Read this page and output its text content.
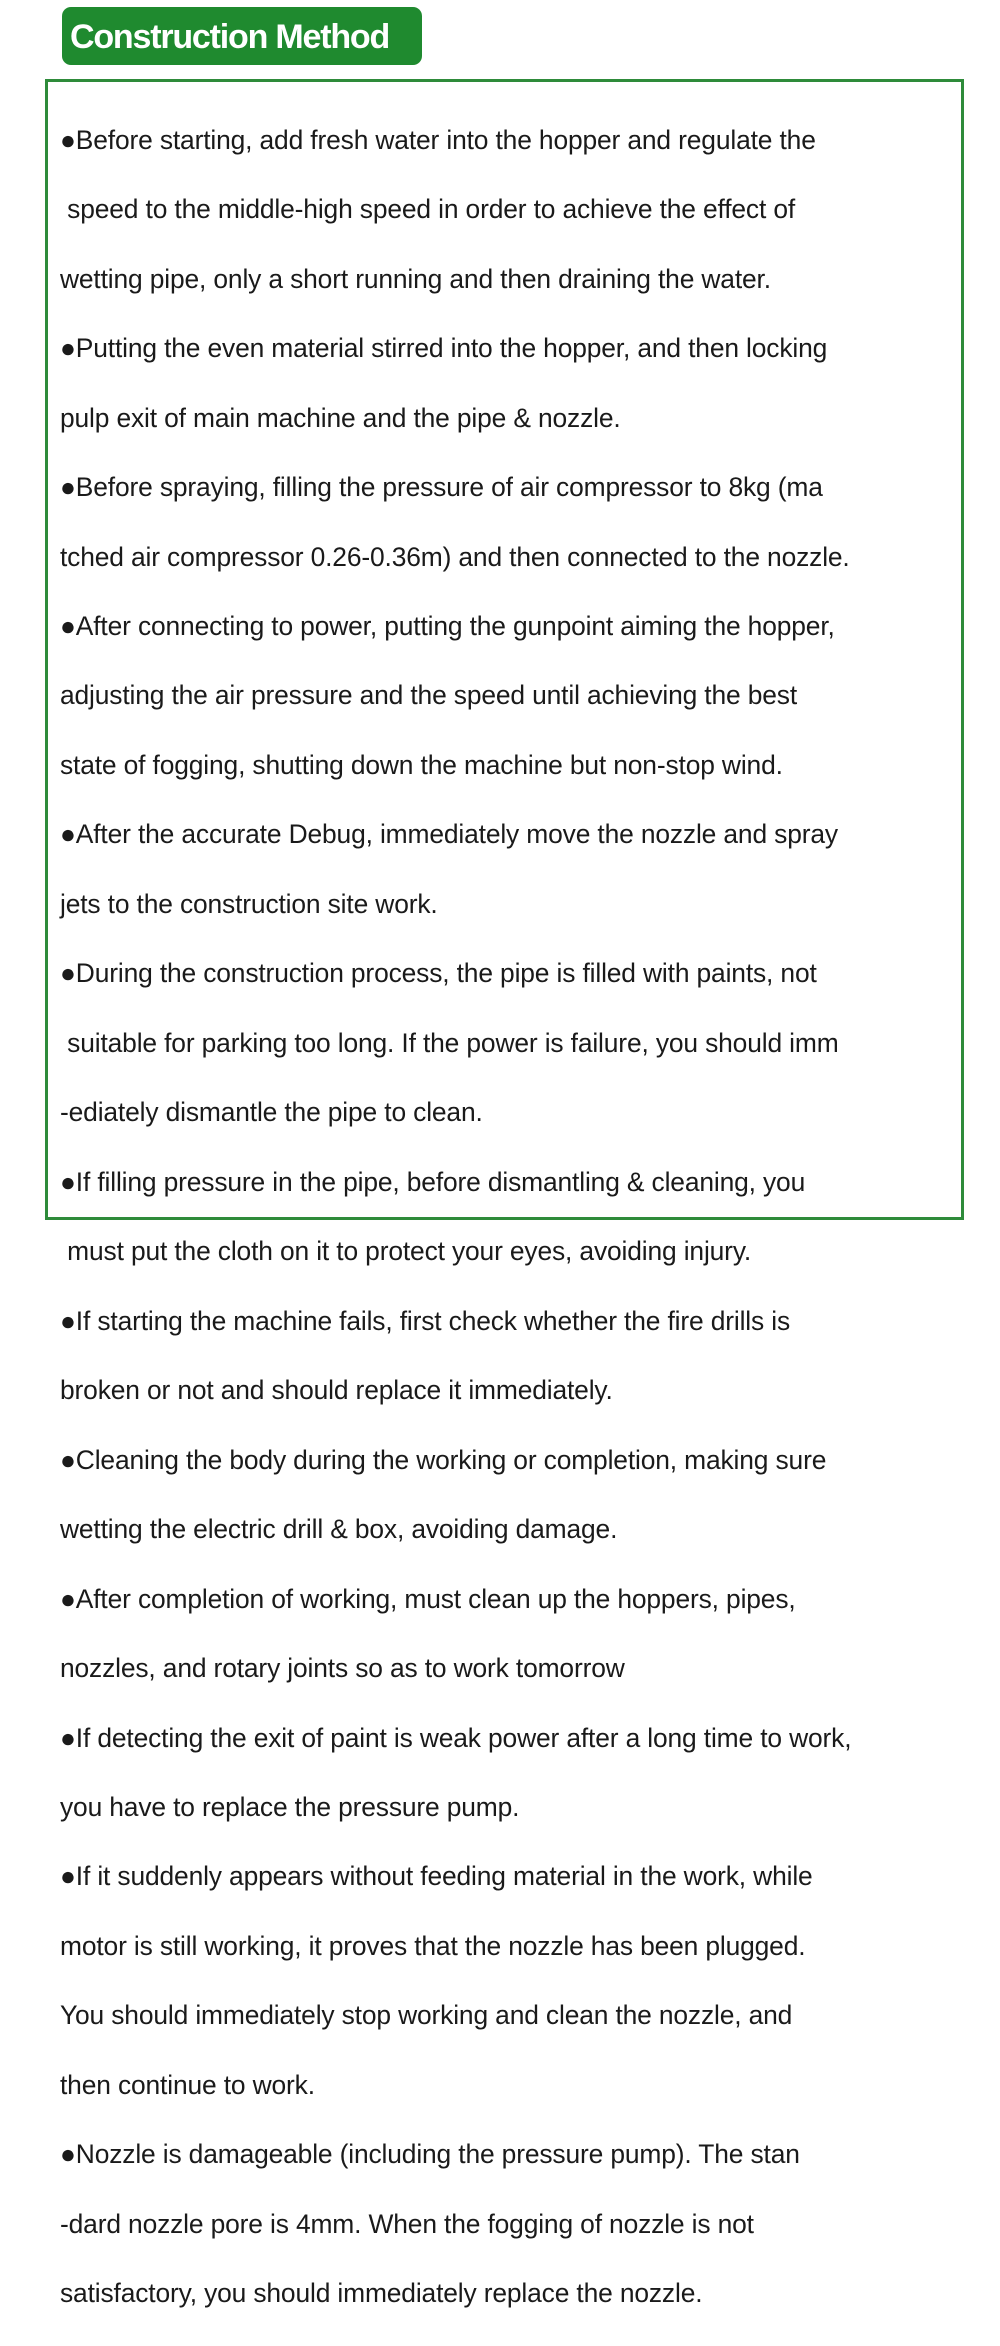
Construction Method

●Before starting, add fresh water into the hopper and regulate the

speed to the middle-high speed in order to achieve the effect of

wetting pipe, only a short running and then draining the water.

●Putting the even material stirred into the hopper, and then locking

pulp exit of main machine and the pipe & nozzle.

●Before spraying, filling the pressure of air compressor to 8kg (ma

tched air compressor 0.26-0.36m) and then connected to the nozzle.

●After connecting to power, putting the gunpoint aiming the hopper,

adjusting the air pressure and the speed until achieving the best

state of fogging, shutting down the machine but non-stop wind.

●After the accurate Debug, immediately move the nozzle and spray

jets to the construction site work.

●During the construction process, the pipe is filled with paints, not

suitable for parking too long. If the power is failure, you should imm

-ediately dismantle the pipe to clean.

●If filling pressure in the pipe, before dismantling & cleaning, you

must put the cloth on it to protect your eyes, avoiding injury.

●If starting the machine fails, first check whether the fire drills is

broken or not and should replace it immediately.

●Cleaning the body during the working or completion, making sure

wetting the electric drill & box, avoiding damage.

●After completion of working, must clean up the hoppers, pipes,

nozzles, and rotary joints so as to work tomorrow

●If detecting the exit of paint is weak power after a long time to work,

you have to replace the pressure pump.

●If it suddenly appears without feeding material in the work, while

motor is still working, it proves that the nozzle has been plugged.

You should immediately stop working and clean the nozzle, and

then continue to work.

●Nozzle is damageable (including the pressure pump). The stan

-dard nozzle pore is 4mm. When the fogging of nozzle is not

satisfactory, you should immediately replace the nozzle.
